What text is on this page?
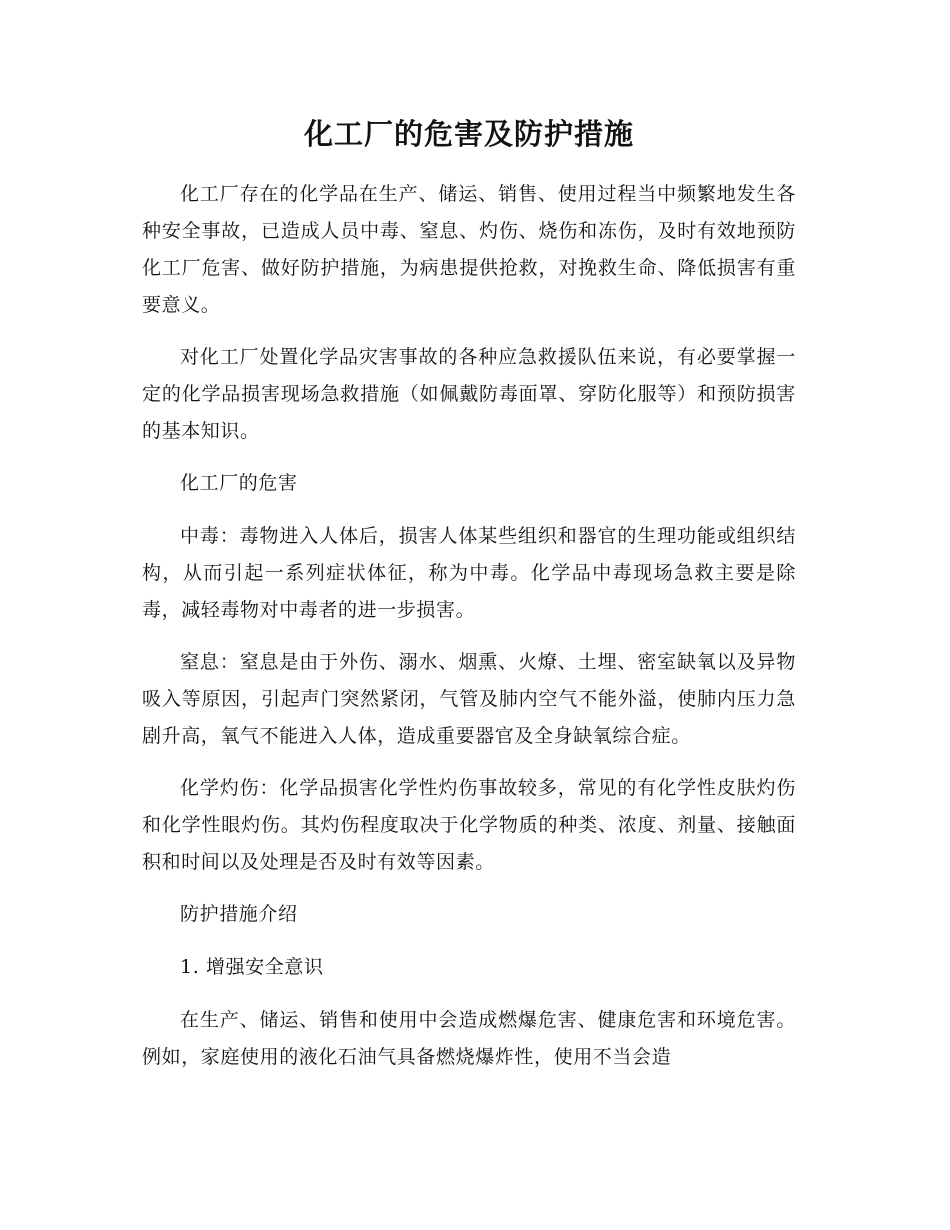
化工厂的危害及防护措施

化工厂存在的化学品在生产、储运、销售、使用过程当中频繁地发生各种安全事故，已造成人员中毒、窒息、灼伤、烧伤和冻伤，及时有效地预防化工厂危害、做好防护措施，为病患提供抢救，对挽救生命、降低损害有重要意义。

对化工厂处置化学品灾害事故的各种应急救援队伍来说，有必要掌握一定的化学品损害现场急救措施（如佩戴防毒面罩、穿防化服等）和预防损害的基本知识。

化工厂的危害

中毒：毒物进入人体后，损害人体某些组织和器官的生理功能或组织结构，从而引起一系列症状体征，称为中毒。化学品中毒现场急救主要是除毒，减轻毒物对中毒者的进一步损害。

窒息：窒息是由于外伤、溺水、烟熏、火燎、土埋、密室缺氧以及异物吸入等原因，引起声门突然紧闭，气管及肺内空气不能外溢，使肺内压力急剧升高，氧气不能进入人体，造成重要器官及全身缺氧综合症。

化学灼伤：化学品损害化学性灼伤事故较多，常见的有化学性皮肤灼伤和化学性眼灼伤。其灼伤程度取决于化学物质的种类、浓度、剂量、接触面积和时间以及处理是否及时有效等因素。

防护措施介绍

1. 增强安全意识

在生产、储运、销售和使用中会造成燃爆危害、健康危害和环境危害。例如，家庭使用的液化石油气具备燃烧爆炸性，使用不当会造
